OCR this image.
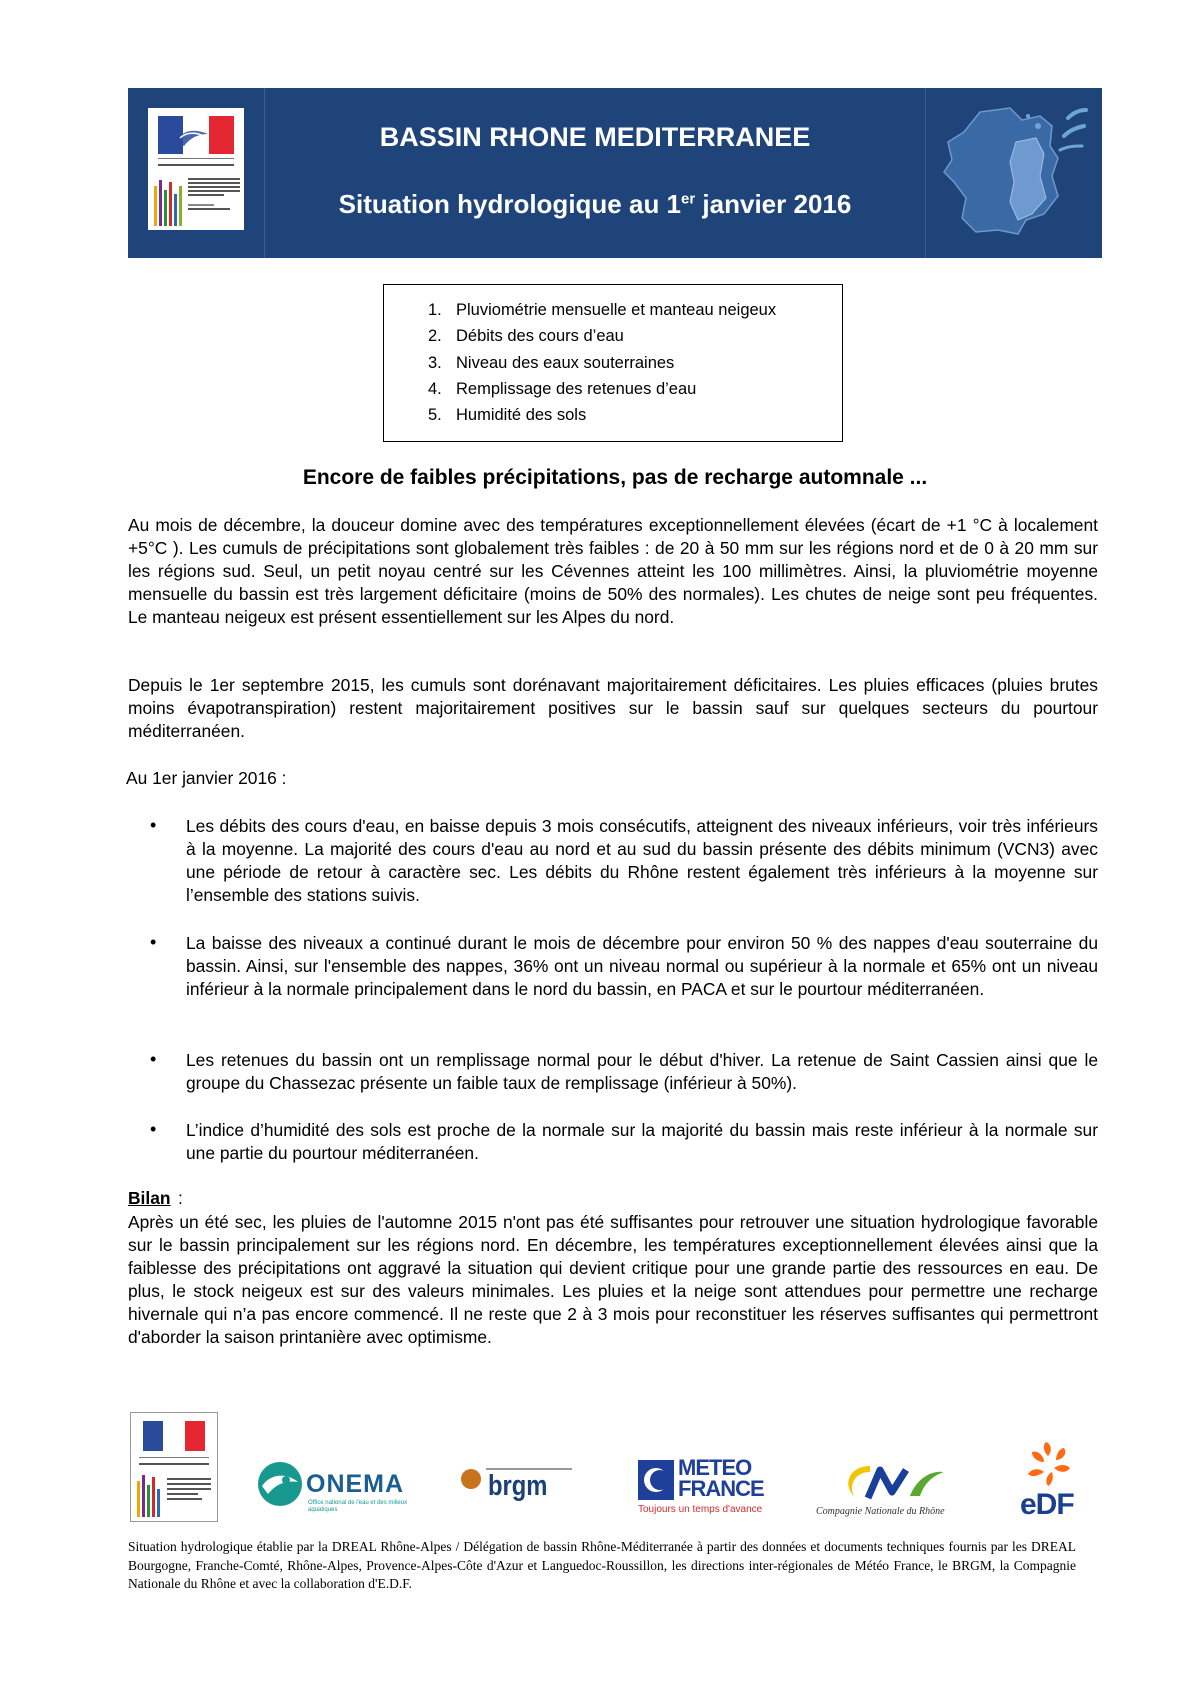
BASSIN RHONE MEDITERRANEE
Situation hydrologique au 1er janvier 2016
1. Pluviométrie mensuelle et manteau neigeux
2. Débits des cours d’eau
3. Niveau des eaux souterraines
4. Remplissage des retenues d’eau
5. Humidité des sols
Encore de faibles précipitations, pas de recharge automnale ...
Au mois de décembre, la douceur domine avec des températures exceptionnellement élevées (écart de +1 °C à localement +5°C ). Les cumuls de précipitations sont globalement très faibles : de 20 à 50 mm sur les régions nord et de 0 à 20 mm sur les régions sud. Seul, un petit noyau centré sur les Cévennes atteint les 100 millimètres. Ainsi, la pluviométrie moyenne mensuelle du bassin est très largement déficitaire (moins de 50% des normales). Les chutes de neige sont peu fréquentes. Le manteau neigeux est présent essentiellement sur les Alpes du nord.
Depuis le 1er septembre 2015, les cumuls sont dorénavant majoritairement déficitaires. Les pluies efficaces (pluies brutes moins évapotranspiration) restent majoritairement positives sur le bassin sauf sur quelques secteurs du pourtour méditerranéen.
Au 1er janvier 2016 :
• Les débits des cours d'eau, en baisse depuis 3 mois consécutifs, atteignent des niveaux inférieurs, voir très inférieurs à la moyenne. La majorité des cours d'eau au nord et au sud du bassin présente des débits minimum (VCN3) avec une période de retour à caractère sec. Les débits du Rhône restent également très inférieurs à la moyenne sur l’ensemble des stations suivis.
• La baisse des niveaux a continué durant le mois de décembre pour environ 50 % des nappes d'eau souterraine du bassin. Ainsi, sur l'ensemble des nappes, 36% ont un niveau normal ou supérieur à la normale et 65% ont un niveau inférieur à la normale principalement dans le nord du bassin, en PACA et sur le pourtour méditerranéen.
• Les retenues du bassin ont un remplissage normal pour le début d'hiver. La retenue de Saint Cassien ainsi que le groupe du Chassezac présente un faible taux de remplissage (inférieur à 50%).
• L’indice d’humidité des sols est proche de la normale sur la majorité du bassin mais reste inférieur à la normale sur une partie du pourtour méditerranéen.
Bilan :
Après un été sec, les pluies de l'automne 2015 n'ont pas été suffisantes pour retrouver une situation hydrologique favorable sur le bassin principalement sur les régions nord. En décembre, les températures exceptionnellement élevées ainsi que la faiblesse des précipitations ont aggravé la situation qui devient critique pour une grande partie des ressources en eau. De plus, le stock neigeux est sur des valeurs minimales. Les pluies et la neige sont attendues pour permettre une recharge hivernale qui n’a pas encore commencé. Il ne reste que 2 à 3 mois pour reconstituer les réserves suffisantes qui permettront d'aborder la saison printanière avec optimisme.
ONEMA
Office national de l'eau et des milieux aquatiques
brgm
METEO
FRANCE
Toujours un temps d'avance	Compagnie Nationale du Rhône	eDF
Situation hydrologique établie par la DREAL Rhône-Alpes / Délégation de bassin Rhône-Méditerranée à partir des données et documents techniques fournis par les DREAL Bourgogne, Franche-Comté, Rhône-Alpes, Provence-Alpes-Côte d'Azur et Languedoc-Roussillon, les directions inter-régionales de Météo France, le BRGM, la Compagnie Nationale du Rhône et avec la collaboration d'E.D.F.
